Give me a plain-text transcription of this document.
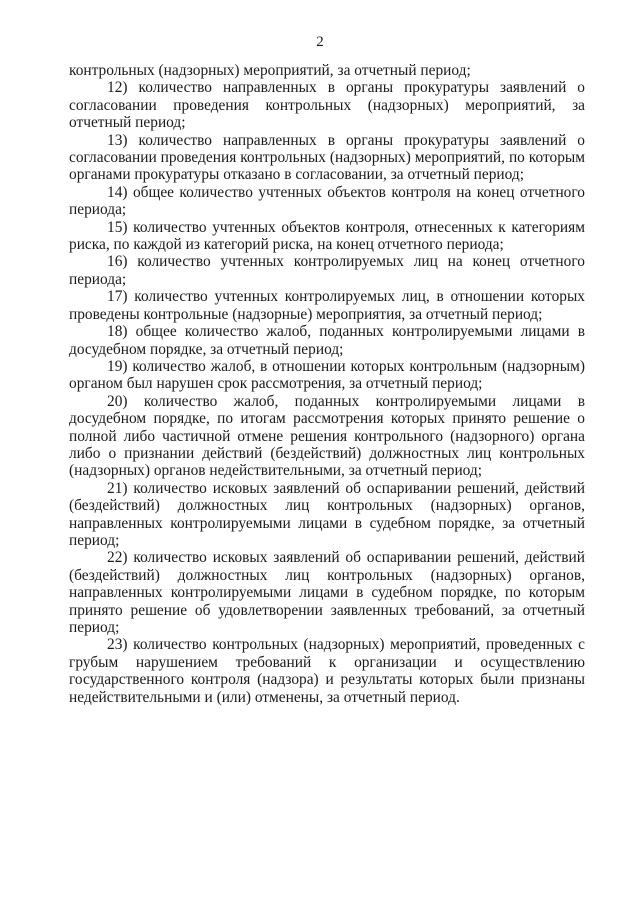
2

контрольных (надзорных) мероприятий, за отчетный период;

12) количество направленных в органы прокуратуры заявлений о согласовании проведения контрольных (надзорных) мероприятий, за отчетный период;

13) количество направленных в органы прокуратуры заявлений о согласовании проведения контрольных (надзорных) мероприятий, по которым органами прокуратуры отказано в согласовании, за отчетный период;

14) общее количество учтенных объектов контроля на конец отчетного периода;

15) количество учтенных объектов контроля, отнесенных к категориям риска, по каждой из категорий риска, на конец отчетного периода;

16) количество учтенных контролируемых лиц на конец отчетного периода;

17) количество учтенных контролируемых лиц, в отношении которых проведены контрольные (надзорные) мероприятия, за отчетный период;

18) общее количество жалоб, поданных контролируемыми лицами в досудебном порядке, за отчетный период;

19) количество жалоб, в отношении которых контрольным (надзорным) органом был нарушен срок рассмотрения, за отчетный период;

20) количество жалоб, поданных контролируемыми лицами в досудебном порядке, по итогам рассмотрения которых принято решение о полной либо частичной отмене решения контрольного (надзорного) органа либо о признании действий (бездействий) должностных лиц контрольных (надзорных) органов недействительными, за отчетный период;

21) количество исковых заявлений об оспаривании решений, действий (бездействий) должностных лиц контрольных (надзорных) органов, направленных контролируемыми лицами в судебном порядке, за отчетный период;

22) количество исковых заявлений об оспаривании решений, действий (бездействий) должностных лиц контрольных (надзорных) органов, направленных контролируемыми лицами в судебном порядке, по которым принято решение об удовлетворении заявленных требований, за отчетный период;

23) количество контрольных (надзорных) мероприятий, проведенных с грубым нарушением требований к организации и осуществлению государственного контроля (надзора) и результаты которых были признаны недействительными и (или) отменены, за отчетный период.
